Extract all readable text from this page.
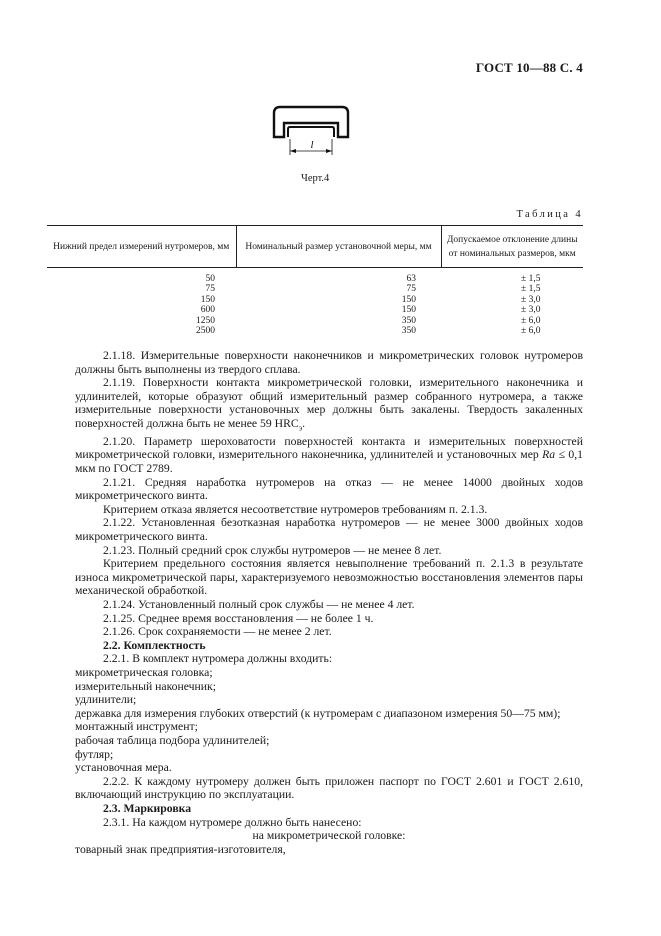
ГОСТ 10—88 С. 4
l
Черт.4
Таблица 4
Нижний предел измерений нутромеров, мм	Номинальный размер установочной меры, мм	Допускаемое отклонение длины от номинальных размеров, мкм
50	63	± 1,5
75	75	± 1,5
150	150	± 3,0
600	150	± 3,0
1250	350	± 6,0
2500	350	± 6,0

2.1.18. Измерительные поверхности наконечников и микрометрических головок нутромеров должны быть выполнены из твердого сплава.

2.1.19. Поверхности контакта микрометрической головки, измерительного наконечника и удлинителей, которые образуют общий измерительный размер собранного нутромера, а также измерительные поверхности установочных мер должны быть закалены. Твердость закаленных поверхностей должна быть не менее 59 $HRC_э$.

2.1.20. Параметр шероховатости поверхностей контакта и измерительных поверхностей микрометрической головки, измерительного наконечника, удлинителей и установочных мер Ra ≤ 0,1 мкм по ГОСТ 2789.

2.1.21. Средняя наработка нутромеров на отказ — не менее 14000 двойных ходов микрометрического винта.

Критерием отказа является несоответствие нутромеров требованиям п. 2.1.3.

2.1.22. Установленная безотказная наработка нутромеров — не менее 3000 двойных ходов микрометрического винта.

2.1.23. Полный средний срок службы нутромеров — не менее 8 лет.

Критерием предельного состояния является невыполнение требований п. 2.1.3 в результате износа микрометрической пары, характеризуемого невозможностью восстановления элементов пары механической обработкой.

2.1.24. Установленный полный срок службы — не менее 4 лет.

2.1.25. Среднее время восстановления — не более 1 ч.

2.1.26. Срок сохраняемости — не менее 2 лет.

2.2. Комплектность

2.2.1. В комплект нутромера должны входить:

микрометрическая головка;

измерительный наконечник;

удлинители;

державка для измерения глубоких отверстий (к нутромерам с диапазоном измерения 50—75 мм);

монтажный инструмент;

рабочая таблица подбора удлинителей;

футляр;

установочная мера.

2.2.2. К каждому нутромеру должен быть приложен паспорт по ГОСТ 2.601 и ГОСТ 2.610, включающий инструкцию по эксплуатации.

2.3. Маркировка

2.3.1. На каждом нутромере должно быть нанесено:

на микрометрической головке:

товарный знак предприятия-изготовителя,
